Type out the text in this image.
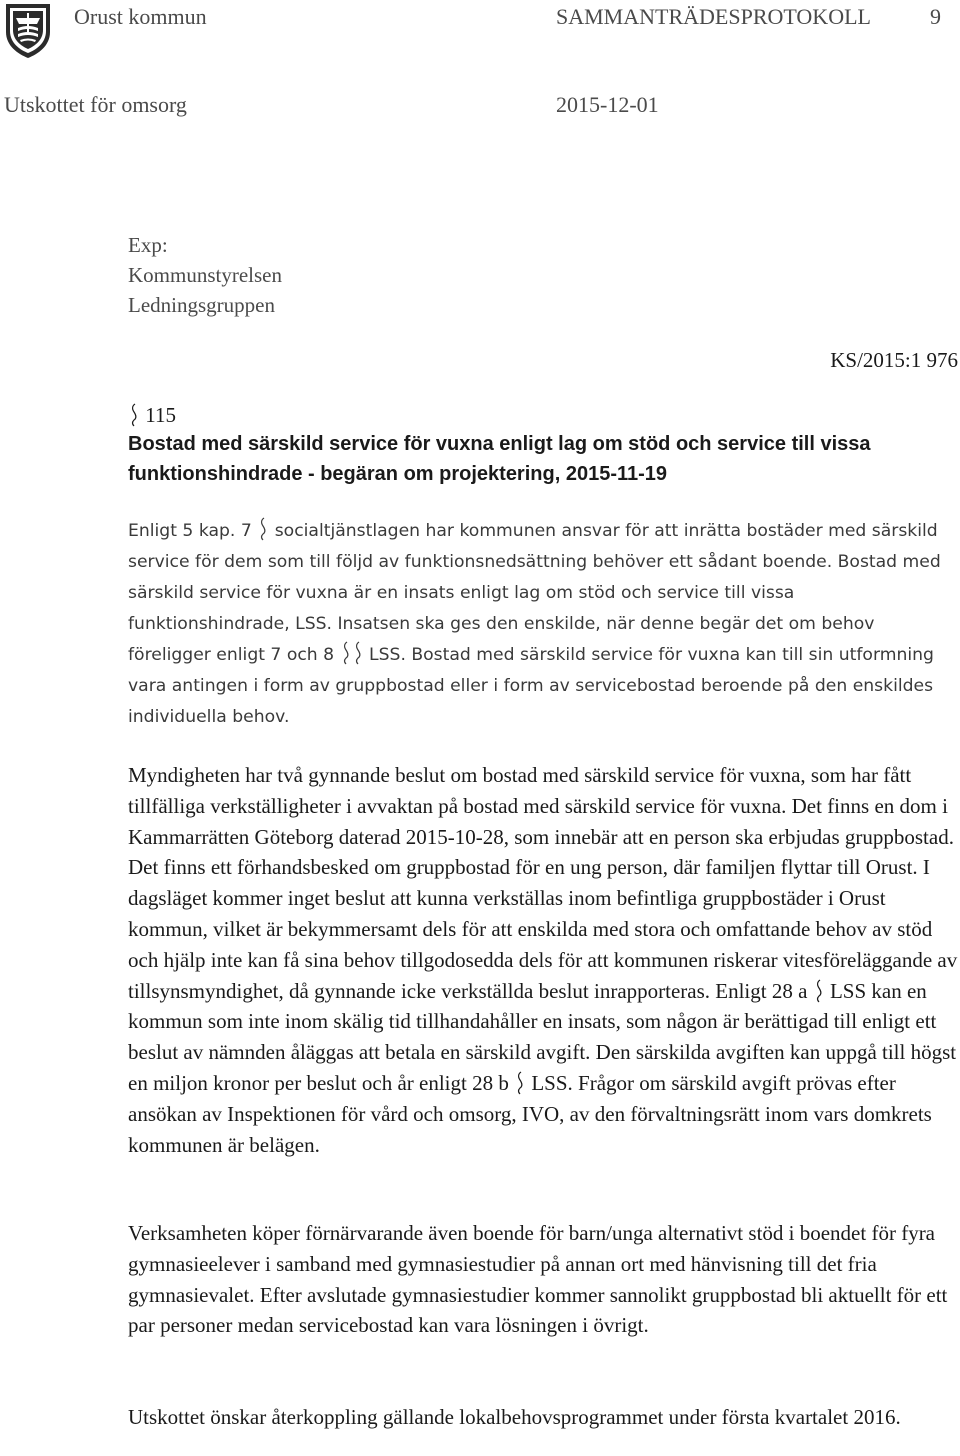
Orust kommun	SAMMANTRÄDESPROTOKOLL	9
Utskottet för omsorg	2015-12-01
Exp:
Kommunstyrelsen
Ledningsgruppen
KS/2015:1 976
115
Bostad med särskild service för vuxna enligt lag om stöd och service till vissa funktionshindrade - begäran om projektering, 2015-11-19
Enligt 5 kap. 7 socialtjänstlagen har kommunen ansvar för att inrätta bostäder med särskild service för dem som till följd av funktionsnedsättning behöver ett sådant boende. Bostad med särskild service för vuxna är en insats enligt lag om stöd och service till vissa funktionshindrade, LSS. Insatsen ska ges den enskilde, när denne begär det om behov föreligger enligt 7 och 8 LSS. Bostad med särskild service för vuxna kan till sin utformning vara antingen i form av gruppbostad eller i form av servicebostad beroende på den enskildes individuella behov.
Myndigheten har två gynnande beslut om bostad med särskild service för vuxna, som har fått tillfälliga verkställigheter i avvaktan på bostad med särskild service för vuxna. Det finns en dom i Kammarrätten Göteborg daterad 2015-10-28, som innebär att en person ska erbjudas gruppbostad. Det finns ett förhandsbesked om gruppbostad för en ung person, där familjen flyttar till Orust. I dagsläget kommer inget beslut att kunna verkställas inom befintliga gruppbostäder i Orust kommun, vilket är bekymmersamt dels för att enskilda med stora och omfattande behov av stöd och hjälp inte kan få sina behov tillgodosedda dels för att kommunen riskerar vitesföreläggande av tillsynsmyndighet, då gynnande icke verkställda beslut inrapporteras. Enligt 28 a LSS kan en kommun som inte inom skälig tid tillhandahåller en insats, som någon är berättigad till enligt ett beslut av nämnden åläggas att betala en särskild avgift. Den särskilda avgiften kan uppgå till högst en miljon kronor per beslut och år enligt 28 b LSS. Frågor om särskild avgift prövas efter ansökan av Inspektionen för vård och omsorg, IVO, av den förvaltningsrätt inom vars domkrets kommunen är belägen.
Verksamheten köper förnärvarande även boende för barn/unga alternativt stöd i boendet för fyra gymnasieelever i samband med gymnasiestudier på annan ort med hänvisning till det fria gymnasievalet. Efter avslutade gymnasiestudier kommer sannolikt gruppbostad bli aktuellt för ett par personer medan servicebostad kan vara lösningen i övrigt.
Utskottet önskar återkoppling gällande lokalbehovsprogrammet under första kvartalet 2016.
